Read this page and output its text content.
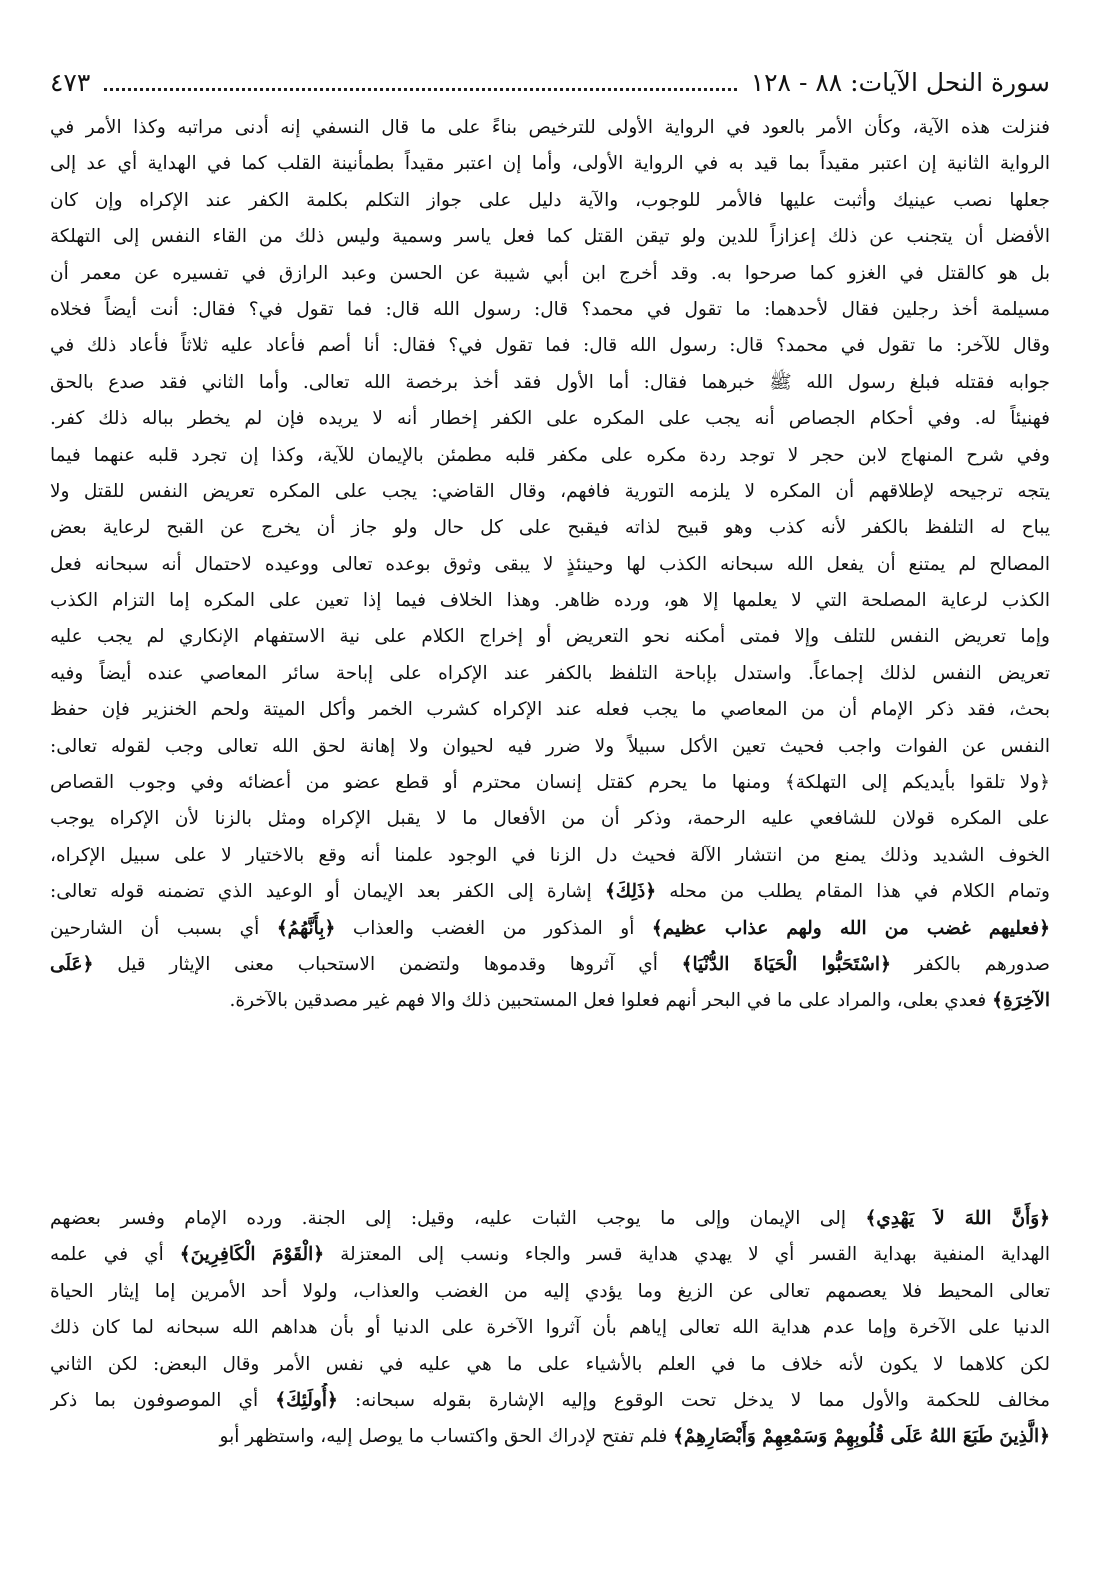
سورة النحل الآيات: ٨٨ - ١٢٨
٤٧٣
فنزلت هذه الآية، وكأن الأمر بالعود في الرواية الأولى للترخيص بناءً على ما قال النسفي إنه أدنى مراتبه وكذا الأمر في
الرواية الثانية إن اعتبر مقيداً بما قيد به في الرواية الأولى، وأما إن اعتبر مقيداً بطمأنينة القلب كما في الهداية أي عد إلى
جعلها نصب عينيك وأثبت عليها فالأمر للوجوب، والآية دليل على جواز التكلم بكلمة الكفر عند الإكراه وإن كان
الأفضل أن يتجنب عن ذلك إعزازاً للدين ولو تيقن القتل كما فعل ياسر وسمية وليس ذلك من القاء النفس إلى التهلكة
بل هو كالقتل في الغزو كما صرحوا به. وقد أخرج ابن أبي شيبة عن الحسن وعبد الرازق في تفسيره عن معمر أن
مسيلمة أخذ رجلين فقال لأحدهما: ما تقول في محمد؟ قال: رسول الله قال: فما تقول في؟ فقال: أنت أيضاً فخلاه
وقال للآخر: ما تقول في محمد؟ قال: رسول الله قال: فما تقول في؟ فقال: أنا أصم فأعاد عليه ثلاثاً فأعاد ذلك في
جوابه فقتله فبلغ رسول الله ﷺ خبرهما فقال: أما الأول فقد أخذ برخصة الله تعالى. وأما الثاني فقد صدع بالحق
فهنيئاً له. وفي أحكام الجصاص أنه يجب على المكره على الكفر إخطار أنه لا يريده فإن لم يخطر بباله ذلك كفر.
وفي شرح المنهاج لابن حجر لا توجد ردة مكره على مكفر قلبه مطمئن بالإيمان للآية، وكذا إن تجرد قلبه عنهما فيما
يتجه ترجيحه لإطلاقهم أن المكره لا يلزمه التورية فافهم، وقال القاضي: يجب على المكره تعريض النفس للقتل ولا
يباح له التلفظ بالكفر لأنه كذب وهو قبيح لذاته فيقبح على كل حال ولو جاز أن يخرج عن القبح لرعاية بعض
المصالح لم يمتنع أن يفعل الله سبحانه الكذب لها وحينئذٍ لا يبقى وثوق بوعده تعالى ووعيده لاحتمال أنه سبحانه فعل
الكذب لرعاية المصلحة التي لا يعلمها إلا هو، ورده ظاهر. وهذا الخلاف فيما إذا تعين على المكره إما التزام الكذب
وإما تعريض النفس للتلف وإلا فمتى أمكنه نحو التعريض أو إخراج الكلام على نية الاستفهام الإنكاري لم يجب عليه
تعريض النفس لذلك إجماعاً. واستدل بإباحة التلفظ بالكفر عند الإكراه على إباحة سائر المعاصي عنده أيضاً وفيه
بحث، فقد ذكر الإمام أن من المعاصي ما يجب فعله عند الإكراه كشرب الخمر وأكل الميتة ولحم الخنزير فإن حفظ
النفس عن الفوات واجب فحيث تعين الأكل سبيلاً ولا ضرر فيه لحيوان ولا إهانة لحق الله تعالى وجب لقوله تعالى:
﴿ولا تلقوا بأيديكم إلى التهلكة﴾ ومنها ما يحرم كقتل إنسان محترم أو قطع عضو من أعضائه وفي وجوب القصاص
على المكره قولان للشافعي عليه الرحمة، وذكر أن من الأفعال ما لا يقبل الإكراه ومثل بالزنا لأن الإكراه يوجب
الخوف الشديد وذلك يمنع من انتشار الآلة فحيث دل الزنا في الوجود علمنا أنه وقع بالاختيار لا على سبيل الإكراه،
وتمام الكلام في هذا المقام يطلب من محله ﴿ذَلِكَ﴾ إشارة إلى الكفر بعد الإيمان أو الوعيد الذي تضمنه قوله تعالى:
﴿فعليهم غضب من الله ولهم عذاب عظيم﴾ أو المذكور من الغضب والعذاب ﴿بِأَنَّهُمُ﴾ أي بسبب أن الشارحين
صدورهم بالكفر ﴿اسْتَحَبُّوا الْحَيَاةَ الدُّنْيَا﴾ أي آثروها وقدموها ولتضمن الاستحباب معنى الإيثار قيل ﴿عَلَى
الآخِرَةِ﴾ فعدي بعلى، والمراد على ما في البحر أنهم فعلوا فعل المستحبين ذلك والا فهم غير مصدقين بالآخرة.
﴿وَأَنَّ اللهَ لاَ يَهْدِي﴾ إلى الإيمان وإلى ما يوجب الثبات عليه، وقيل: إلى الجنة. ورده الإمام وفسر بعضهم
الهداية المنفية بهداية القسر أي لا يهدي هداية قسر والجاء ونسب إلى المعتزلة ﴿الْقَوْمَ الْكَافِرِينَ﴾ أي في علمه
تعالى المحيط فلا يعصمهم تعالى عن الزيغ وما يؤدي إليه من الغضب والعذاب، ولولا أحد الأمرين إما إيثار الحياة
الدنيا على الآخرة وإما عدم هداية الله تعالى إياهم بأن آثروا الآخرة على الدنيا أو بأن هداهم الله سبحانه لما كان ذلك
لكن كلاهما لا يكون لأنه خلاف ما في العلم بالأشياء على ما هي عليه في نفس الأمر وقال البعض: لكن الثاني
مخالف للحكمة والأول مما لا يدخل تحت الوقوع وإليه الإشارة بقوله سبحانه: ﴿أُولَئِكَ﴾ أي الموصوفون بما ذكر
﴿الَّذِينَ طَبَعَ اللهُ عَلَى قُلُوبِهِمْ وَسَمْعِهِمْ وَأَبْصَارِهِمْ﴾ فلم تفتح لإدراك الحق واكتساب ما يوصل إليه، واستظهر أبو
